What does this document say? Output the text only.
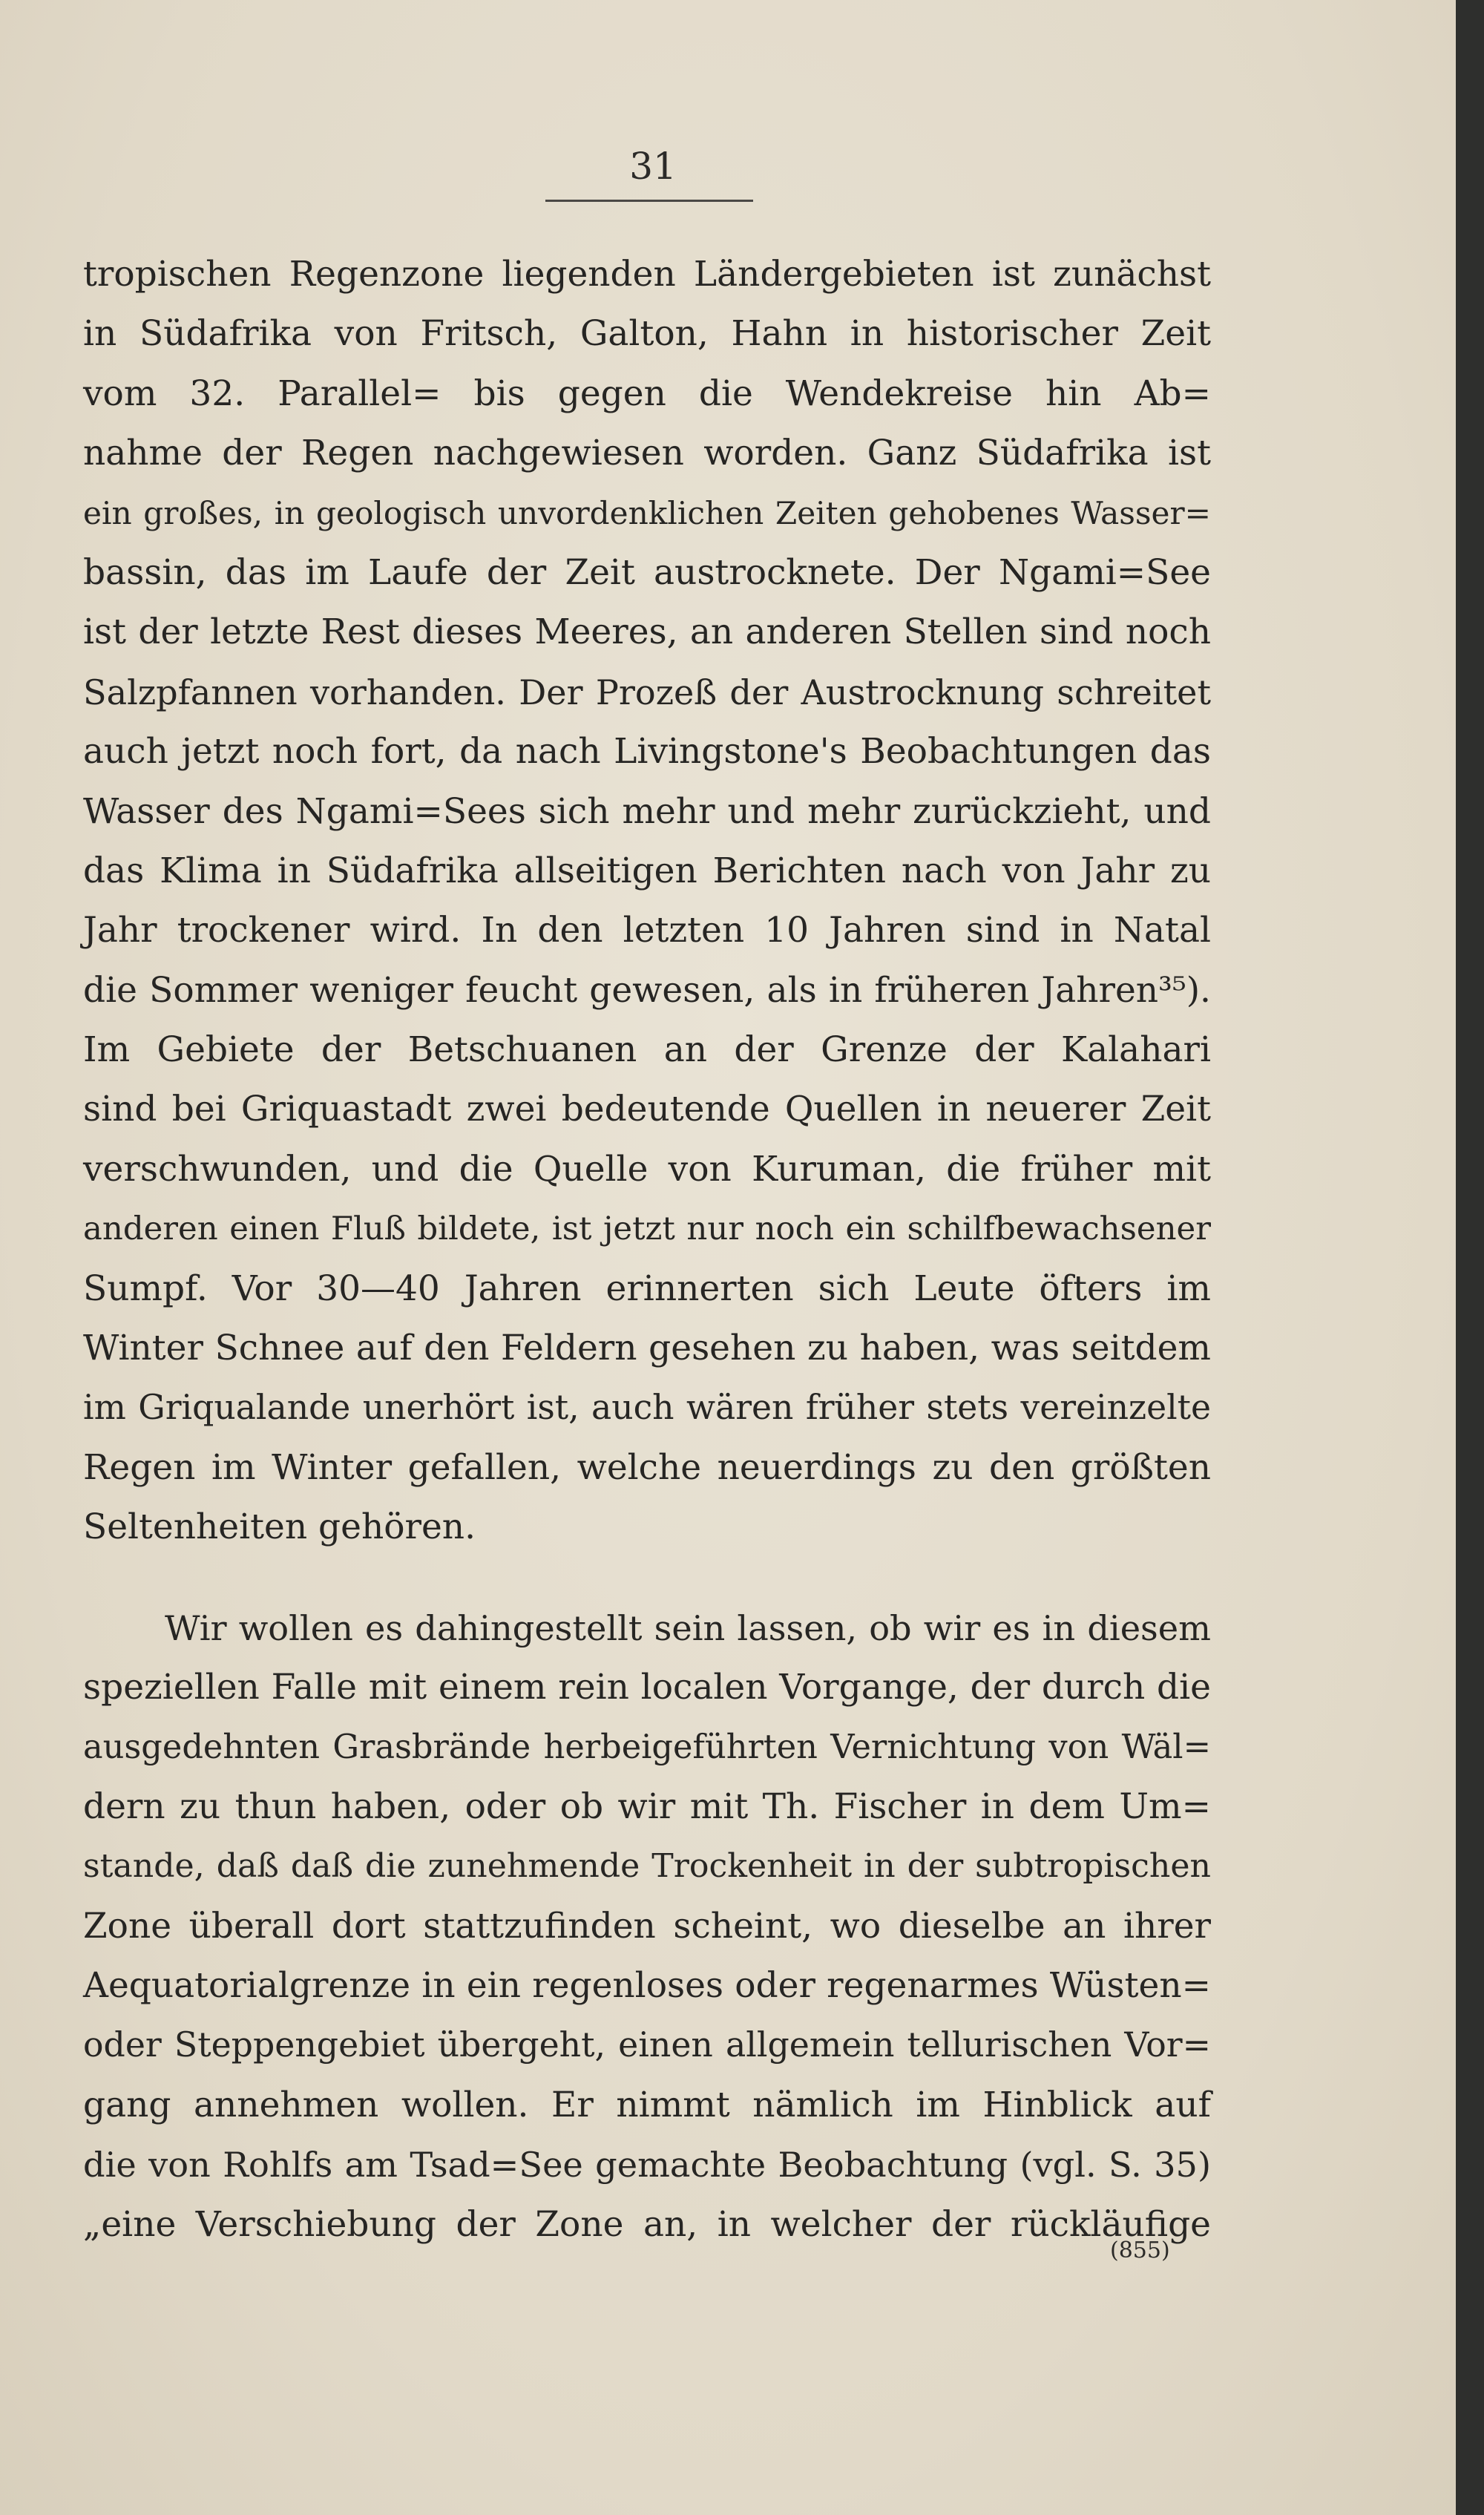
31
tropischen Regenzone liegenden Ländergebieten ist zunächst
in Südafrika von Fritsch, Galton, Hahn in historischer Zeit
vom 32. Parallel= bis gegen die Wendekreise hin Ab=
nahme der Regen nachgewiesen worden. Ganz Südafrika ist
ein großes, in geologisch unvordenklichen Zeiten gehobenes Wasser=
bassin, das im Laufe der Zeit austrocknete. Der Ngami=See
ist der letzte Rest dieses Meeres, an anderen Stellen sind noch
Salzpfannen vorhanden. Der Prozeß der Austrocknung schreitet
auch jetzt noch fort, da nach Livingstone's Beobachtungen das
Wasser des Ngami=Sees sich mehr und mehr zurückzieht, und
das Klima in Südafrika allseitigen Berichten nach von Jahr zu
Jahr trockener wird. In den letzten 10 Jahren sind in Natal
die Sommer weniger feucht gewesen, als in früheren Jahren³⁵).
Im Gebiete der Betschuanen an der Grenze der Kalahari
sind bei Griquastadt zwei bedeutende Quellen in neuerer Zeit
verschwunden, und die Quelle von Kuruman, die früher mit
anderen einen Fluß bildete, ist jetzt nur noch ein schilfbewachsener
Sumpf. Vor 30—40 Jahren erinnerten sich Leute öfters im
Winter Schnee auf den Feldern gesehen zu haben, was seitdem
im Griqualande unerhört ist, auch wären früher stets vereinzelte
Regen im Winter gefallen, welche neuerdings zu den größten
Seltenheiten gehören.
Wir wollen es dahingestellt sein lassen, ob wir es in diesem
speziellen Falle mit einem rein localen Vorgange, der durch die
ausgedehnten Grasbrände herbeigeführten Vernichtung von Wäl=
dern zu thun haben, oder ob wir mit Th. Fischer in dem Um=
stande, daß daß die zunehmende Trockenheit in der subtropischen
Zone überall dort stattzufinden scheint, wo dieselbe an ihrer
Aequatorialgrenze in ein regenloses oder regenarmes Wüsten=
oder Steppengebiet übergeht, einen allgemein tellurischen Vor=
gang annehmen wollen. Er nimmt nämlich im Hinblick auf
die von Rohlfs am Tsad=See gemachte Beobachtung (vgl. S. 35)
„eine Verschiebung der Zone an, in welcher der rückläufige
(855)
